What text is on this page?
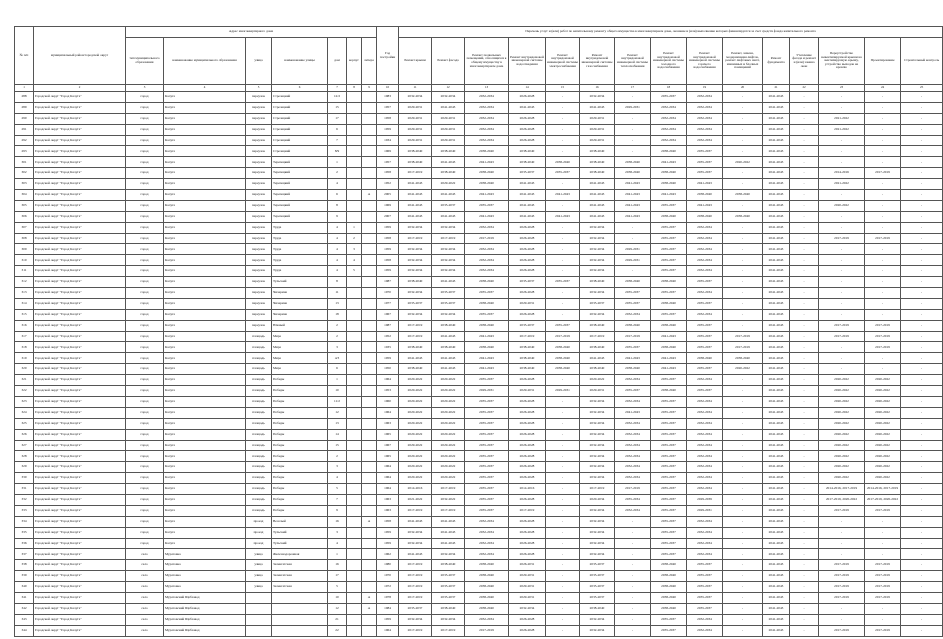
№ п/п	муниципальный район/городской округ	Адрес многоквартирного дома							Год постройки	Перечень услуг и (или) работ по капитальному ремонту общего имущества в многоквартирном доме, оказание и (или) выполнение которых финансируется за счет средств фонда капитального ремонта														
		тип муниципального образования	наименование муниципального образования	улица	наименование улицы	дом	корпус	литера		Ремонт крыши	Ремонт фасада	Ремонт подвальных помещений, относящихся к общему имуществу в многоквартирном доме	Ремонт внутридомовой инженерной системы водоотведения	Ремонт внутридомовой инженерной системы электроснабжения	Ремонт внутридомовой инженерной системы газоснабжения	Ремонт внутридомовой инженерной системы теплоснабжения	Ремонт внутридомовой инженерной системы холодного водоснабжения	Ремонт внутридомовой инженерной системы горячего водоснабжения	Ремонт, замена, модернизация лифтов, ремонт лифтовых шахт, машинных и блочных помещений	Ремонт фундамента	Утепление фасада и ремонт и (или) замена окон	Переустройство невентилируемой крыши на вентилируемую крышу, устройство выходов на кровлю	Проектирование	Строительный контроль
1	2	3	4	5	6	7	8	9	10	11	12	13	14	15	16	17	18	19	20	21	22	23	24	25
288	Городской округ "Город Калуга"	город	Калуга	переулок	Стрелецкий	12/2			1983	2032-2034	2032-2034	2032-2034	2026-2028	-	2032-2034	-	2035-2037	2032-2034	-	2041-2043	-	-	-	-
289	Городской округ "Город Калуга"	город	Калуга	переулок	Стрелецкий	15			1957	2029-2031	2041-2043	2032-2034	2041-2043	-	2041-2043	2029-2031	2032-2034	2032-2034	-	2041-2043	-	-	-	-
290	Городской округ "Город Калуга"	город	Калуга	переулок	Стрелецкий	17			1958	2029-2031	2029-2031	2032-2034	2026-2028	-	2029-2031	-	2032-2034	2032-2034	-	2041-2043	-	2021-2022	-	-
291	Городской округ "Город Калуга"	город	Калуга	переулок	Стрелецкий	6			1959	2029-2031	2029-2031	2032-2034	2026-2028	-	2029-2031	-	2032-2034	2032-2034	-	2041-2043	-	2021-2022	-	-
292	Городской округ "Город Калуга"	город	Калуга	переулок	Стрелецкий	7			1934	2029-2031	2029-2031	2032-2034	2026-2028	-	2029-2031	-	2032-2034	2032-2034	-	2041-2043	-	-	-	-
293	Городской округ "Город Калуга"	город	Калуга	переулок	Стрелецкий	8/9			1969	2038-2040	2038-2040	2038-2040	2038-2040	-	2038-2040	-	2038-2040	2035-2037	-	2041-2043	-	-	-	-
301	Городской округ "Город Калуга"	город	Калуга	переулок	Терепецкий	1			1957	2038-2040	2041-2043	2041-2043	2038-2040	2038-2040	2038-2040	2038-2040	2041-2043	2035-2037	2020-2022	2041-2043	-	-	-	-
302	Городской округ "Город Калуга"	город	Калуга	переулок	Терепецкий	2			1958	2017-2019	2038-2040	2038-2040	2035-2037	2035-2037	2038-2040	2038-2040	2038-2040	2035-2037	-	2041-2043	-	2014-2016	2017-2019	-
303	Городской округ "Город Калуга"	город	Калуга	переулок	Терепецкий	4			1952	2041-2043	2029-2022	2038-2040	2041-2043	-	2041-2043	2041-2043	2038-2040	2041-2043	-	2041-2043	-	2021-2022	-	-
304	Городской округ "Город Калуга"	город	Калуга	переулок	Терепецкий	6		А	2005	2041-2043	2041-2043	2041-2043	2041-2043	2041-2043	2041-2043	2041-2043	2041-2043	2038-2040	2038-2040	2041-2043	-	-	-	-
305	Городской округ "Город Калуга"	город	Калуга	переулок	Терепецкий	8			1969	2041-2043	2035-2037	2035-2037	2041-2043	-	2041-2043	2041-2043	2035-2037	2041-2043	-	2041-2043	-	2020-2022	-	-
306	Городской округ "Город Калуга"	город	Калуга	переулок	Терепецкий	9			2007	2041-2043	2041-2043	2041-2043	2041-2043	2041-2043	2041-2043	2041-2043	2038-2040	2038-2040	2038-2040	2041-2043	-	-	-	-
307	Городской округ "Город Калуга"	город	Калуга	переулок	Труда	4	1		1959	2032-2034	2032-2034	2032-2034	2026-2028	-	2032-2034	-	2035-2037	2032-2034	-	2041-2043	-	-	-	-
308	Городской округ "Город Калуга"	город	Калуга	переулок	Труда	4	2		1958	2017-2019	2017-2019	2017-2019	2026-2028	-	2032-2034	-	2035-2037	2032-2034	-	2041-2043	-	2017-2019	2017-2019	-
309	Городской округ "Город Калуга"	город	Калуга	переулок	Труда	4	3		1959	2032-2034	2032-2034	2032-2034	2026-2028	-	2032-2034	2029-2031	2035-2037	2032-2034	-	2041-2043	-	-	-	-
310	Городской округ "Город Калуга"	город	Калуга	переулок	Труда	4	4		1958	2032-2034	2032-2034	2032-2034	2026-2028	-	2032-2034	2029-2031	2035-2037	2032-2034	-	2041-2043	-	-	-	-
311	Городской округ "Город Калуга"	город	Калуга	переулок	Труда	4	5		1959	2032-2034	2032-2034	2032-2034	2026-2028	-	2032-2034	-	2035-2037	2032-2034	-	2041-2043	-	-	-	-
312	Городской округ "Город Калуга"	город	Калуга	переулок	Тульский	8			1987	2038-2040	2041-2043	2038-2040	2035-2037	2035-2037	2038-2040	2038-2040	2038-2040	2035-2037	-	2041-2043	-	-	-	-
313	Городской округ "Город Калуга"	город	Калуга	переулок	Чичерина	11			1970	2032-2034	2035-2037	2035-2037	2026-2028	-	2032-2034	2035-2037	2035-2037	2032-2034	-	2041-2043	-	-	-	-
314	Городской округ "Город Калуга"	город	Калуга	переулок	Чичерина	13			1977	2035-2037	2035-2037	2038-2040	2029-2031	-	2035-2037	2035-2037	2038-2040	2035-2037	-	2041-2043	-	-	-	-
315	Городской округ "Город Калуга"	город	Калуга	переулок	Чичерина	18			1967	2032-2034	2032-2034	2035-2037	2026-2028	-	2032-2034	2032-2034	2035-2037	2032-2034	-	2041-2043	-	-	-	-
316	Городской округ "Город Калуга"	город	Калуга	переулок	Южный	2			1987	2017-2019	2038-2040	2038-2040	2035-2037	2035-2037	2038-2040	2038-2040	2038-2040	2035-2037	-	2041-2043	-	2017-2019	2017-2019	-
317	Городской округ "Город Калуга"	город	Калуга	площадь	Мира	2			1952	2017-2019	2041-2043	2041-2043	2017-2019	2017-2019	2017-2019	2017-2019	2041-2043	2035-2037	2017-2019	2041-2043	-	2017-2019	2017-2019	-
318	Городской округ "Город Калуга"	город	Калуга	площадь	Мира	3			1935	2038-2040	2038-2040	2038-2040	2038-2040	2038-2040	2038-2040	2035-2037	2038-2040	2035-2037	2017-2019	2041-2043	-	-	2017-2019	-
319	Городской округ "Город Калуга"	город	Калуга	площадь	Мира	4/3			1959	2041-2043	2041-2043	2041-2043	2038-2040	2038-2040	2041-2043	2041-2043	2041-2043	2038-2040	2038-2040	2041-2043	-	-	-	-
320	Городской округ "Город Калуга"	город	Калуга	площадь	Мира	6			1950	2038-2040	2041-2043	2041-2043	2038-2040	2038-2040	2038-2040	2038-2040	2041-2043	2035-2037	2020-2022	2041-2043	-	-	-	-
321	Городской округ "Город Калуга"	город	Калуга	площадь	Победы	1			1964	2020-2022	2020-2022	2035-2037	2026-2028	-	2020-2022	2032-2034	2035-2037	2032-2034	-	2041-2043	-	2020-2022	2020-2022	-
322	Городской округ "Город Калуга"	город	Калуга	площадь	Победы	10			1953	2020-2022	2020-2022	2029-2031	2029-2031	2029-2031	2029-2031	2035-2037	2038-2040	2035-2037	-	2041-2043	-	2020-2022	2020-2022	-
323	Городской округ "Город Калуга"	город	Калуга	площадь	Победы	11/2			1960	2020-2022	2020-2022	2035-2037	2026-2028	-	2032-2034	2032-2034	2035-2037	2032-2034	-	2041-2043	-	2020-2022	2020-2022	-
324	Городской округ "Город Калуга"	город	Калуга	площадь	Победы	12			1964	2020-2022	2020-2022	2035-2037	2026-2028	-	2032-2034	2041-2043	2035-2037	2032-2034	-	2041-2043	-	2020-2022	2020-2022	-
325	Городской округ "Город Калуга"	город	Калуга	площадь	Победы	13			1963	2020-2022	2020-2022	2035-2037	2026-2028	-	2032-2034	2032-2034	2035-2037	2032-2034	-	2041-2043	-	2020-2022	2020-2022	-
326	Городской округ "Город Калуга"	город	Калуга	площадь	Победы	14			1965	2020-2022	2020-2022	2035-2037	2026-2028	-	2032-2034	2032-2034	2035-2037	2032-2034	-	2041-2043	-	2020-2022	2020-2022	-
327	Городской округ "Город Калуга"	город	Калуга	площадь	Победы	15			1967	2029-2022	2029-2022	2035-2037	2026-2028	-	2032-2034	2032-2034	2035-2037	2032-2034	-	2041-2043	-	2020-2022	2020-2022	-
328	Городской округ "Город Калуга"	город	Калуга	площадь	Победы	2			1965	2020-2022	2020-2022	2035-2037	2026-2028	-	2032-2034	2032-2034	2035-2037	2032-2034	-	2041-2043	-	2020-2022	2020-2022	-
329	Городской округ "Город Калуга"	город	Калуга	площадь	Победы	3			1964	2020-2022	2020-2022	2035-2037	2026-2028	-	2032-2034	2032-2034	2035-2037	2032-2034	-	2041-2043	-	2020-2022	2020-2022	-
330	Городской округ "Город Калуга"	город	Калуга	площадь	Победы	4			1964	2020-2022	2020-2022	2035-2037	2026-2028	-	2032-2034	2032-2034	2035-2037	2032-2034	-	2041-2043	-	2020-2022	2020-2022	-
331	Городской округ "Город Калуга"	город	Калуга	площадь	Победы	5			1964	2014-2016	2017-2019	2035-2037	2014-2016	-	2017-2019	2017-2019	2035-2037	2032-2034	-	2041-2043	-	2014-2016, 2017-2019	2014-2016, 2017-2019	-
332	Городской округ "Город Калуга"	город	Калуга	площадь	Победы	7			1963	2021-2022	2032-2022	2035-2037	2026-2028	-	2020-2034	2035-2034	2035-2037	2029-2039	-	2041-2043	-	2017-2019, 2020-2022	2017-2019, 2020-2022	-
333	Городской округ "Город Калуга"	город	Калуга	площадь	Победы	9			1963	2017-2019	2017-2019	2035-2037	2017-2019	-	2032-2034	2032-2034	2035-2037	2029-2031	-	2041-2043	-	2017-2019	2017-2019	-
334	Городской округ "Город Калуга"	город	Калуга	проезд	Веселый	16		А	1958	2041-2043	2041-2043	2032-2034	2026-2028	-	2032-2034	-	2035-2037	2032-2034	-	2041-2043	-	-	-	-
335	Городской округ "Город Калуга"	город	Калуга	проезд	Тульский	3			1959	2032-2034	2041-2043	2032-2034	2026-2028	-	2032-2034	-	2035-2037	2032-2034	-	2041-2043	-	-	-	-
336	Городской округ "Город Калуга"	город	Калуга	проезд	Тульский	4			1959	2032-2034	2041-2043	2032-2034	2026-2028	-	2032-2034	-	2035-2037	2032-2034	-	2041-2043	-	-	-	-
337	Городской округ "Город Калуга"	село	Муратовка	улица	Железнодорожная	1			1962	2041-2043	2032-2034	2032-2034	2026-2028	-	2032-2034	-	2035-2037	2032-2034	-	2041-2043	-	-	-	-
338	Городской округ "Город Калуга"	село	Муратовка	улица	Зеленгатская	16			1980	2017-2019	2038-2040	2038-2040	2026-2031	-	2035-2037	-	2038-2040	2035-2037	-	2041-2043	-	2017-2019	2017-2019	-
339	Городской округ "Город Калуга"	село	Муратовка	улица	Зеленгатская	17			1970	2017-2019	2035-2037	2038-2040	2029-2031	-	2035-2037	-	2038-2040	2035-2037	-	2041-2043	-	2017-2019	2017-2019	-
340	Городской округ "Город Калуга"	село	Муратовка	улица	Зеленгатская	5			1972	2017-2019	2035-2037	2038-2040	2029-2031	-	2035-2037	-	2038-2040	2035-2037	-	2041-2043	-	2017-2019	2017-2019	-
341	Городской округ "Город Калуга"	село	Муратовский Щебзавод			10		А	1978	2017-2019	2035-2037	2038-2040	2029-2031	-	2035-2037	-	2038-2040	2035-2037	-	2041-2043	-	2017-2019	2017-2019	-
342	Городской округ "Город Калуга"	село	Муратовский Щебзавод			12		А	1984	2035-2037	2038-2040	2038-2040	2032-2034	-	2038-2040	-	2038-2040	2035-2037	-	2041-2043	-	-	-	-
343	Городской округ "Город Калуга"	село	Муратовский Щебзавод			21			1959	2032-2034	2032-2034	2032-2034	2026-2028	-	2032-2034	-	2035-2037	2032-2034	-	2041-2043	-	-	-	-
344	Городской округ "Город Калуга"	село	Муратовский Щебзавод			22			1964	2017-2019	2017-2019	2017-2019	2026-2028	-	2032-2034	-	2035-2037	2032-2034	-	2041-2043	-	2017-2019	2017-2019	-
